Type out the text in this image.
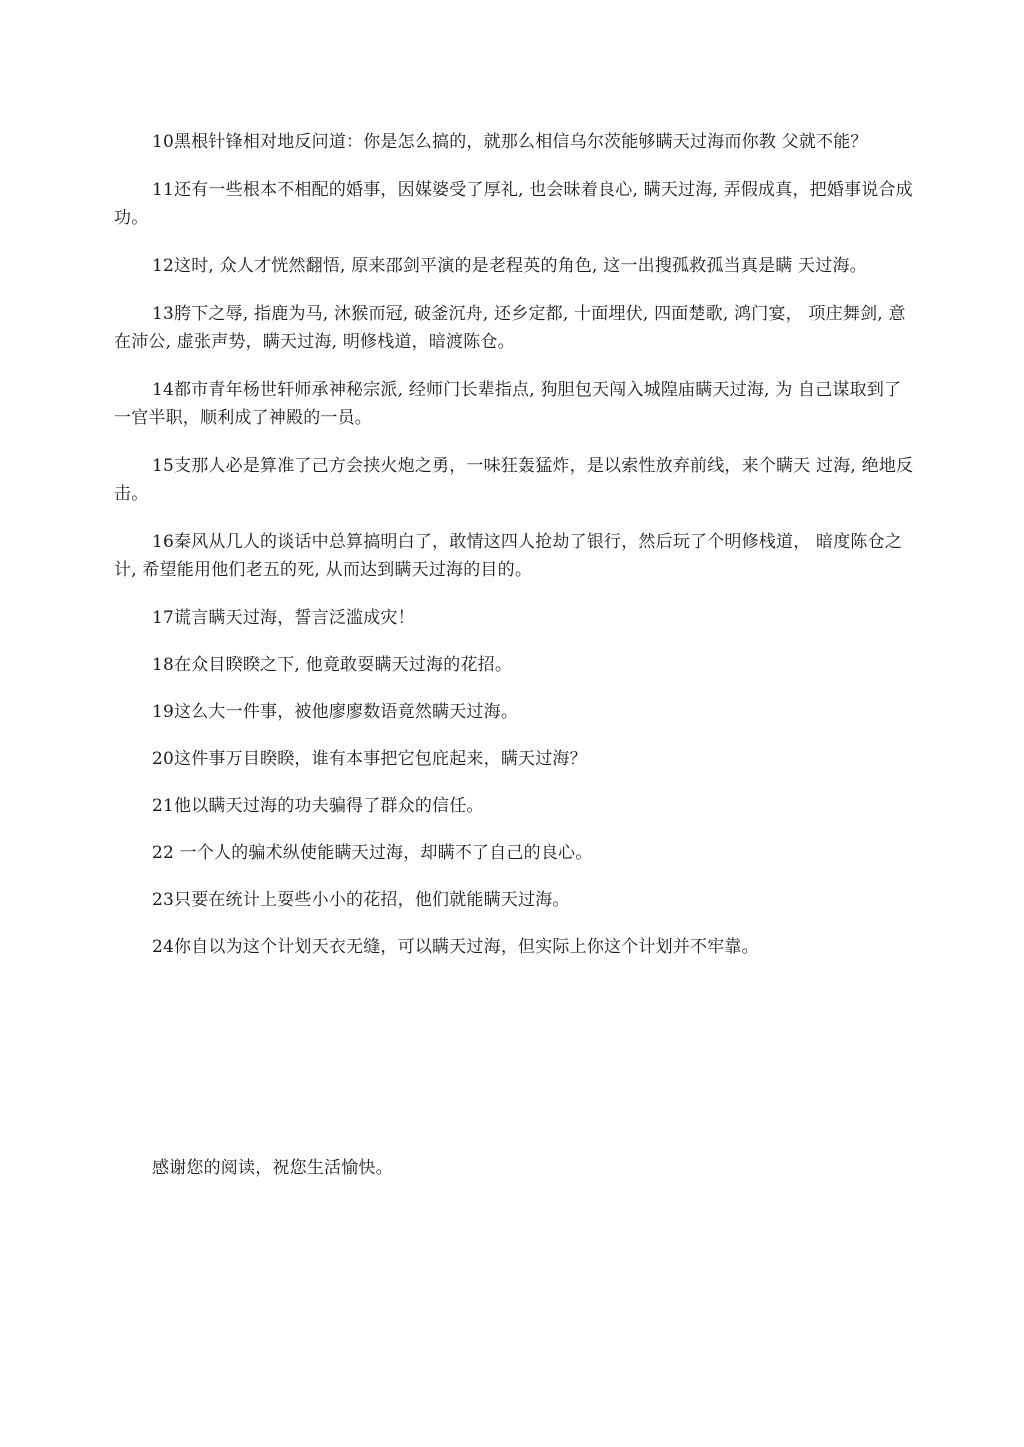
10黑根针锋相对地反问道：你是怎么搞的，就那么相信乌尔茨能够瞒天过海而你教 父就不能？

11还有一些根本不相配的婚事，因媒婆受了厚礼, 也会昧着良心, 瞒天过海, 弄假成真，把婚事说合成功。

12这时, 众人才恍然翻悟, 原来邵剑平演的是老程英的角色, 这一出搜孤救孤当真是瞒 天过海。

13胯下之辱, 指鹿为马, 沐猴而冠, 破釜沉舟, 还乡定都, 十面埋伏, 四面楚歌, 鸿门宴， 项庄舞剑, 意在沛公, 虚张声势，瞒天过海, 明修栈道，暗渡陈仓。

14都市青年杨世轩师承神秘宗派, 经师门长辈指点, 狗胆包天闯入城隍庙瞒天过海, 为 自己谋取到了一官半职，顺利成了神殿的一员。

15支那人必是算准了己方会挟火炮之勇，一味狂轰猛炸，是以索性放弃前线，来个瞒天 过海, 绝地反击。

16秦风从几人的谈话中总算搞明白了，敢情这四人抢劫了银行，然后玩了个明修栈道， 暗度陈仓之计, 希望能用他们老五的死, 从而达到瞒天过海的目的。

17谎言瞒天过海，誓言泛滥成灾！

18在众目睽睽之下, 他竟敢耍瞒天过海的花招。

19这么大一件事，被他廖廖数语竟然瞒天过海。

20这件事万目睽睽，谁有本事把它包庇起来，瞒天过海？

21他以瞒天过海的功夫骗得了群众的信任。

22 一个人的骗术纵使能瞒天过海，却瞒不了自己的良心。

23只要在统计上耍些小小的花招，他们就能瞒天过海。

24你自以为这个计划天衣无缝，可以瞒天过海，但实际上你这个计划并不牢靠。

感谢您的阅读，祝您生活愉快。
